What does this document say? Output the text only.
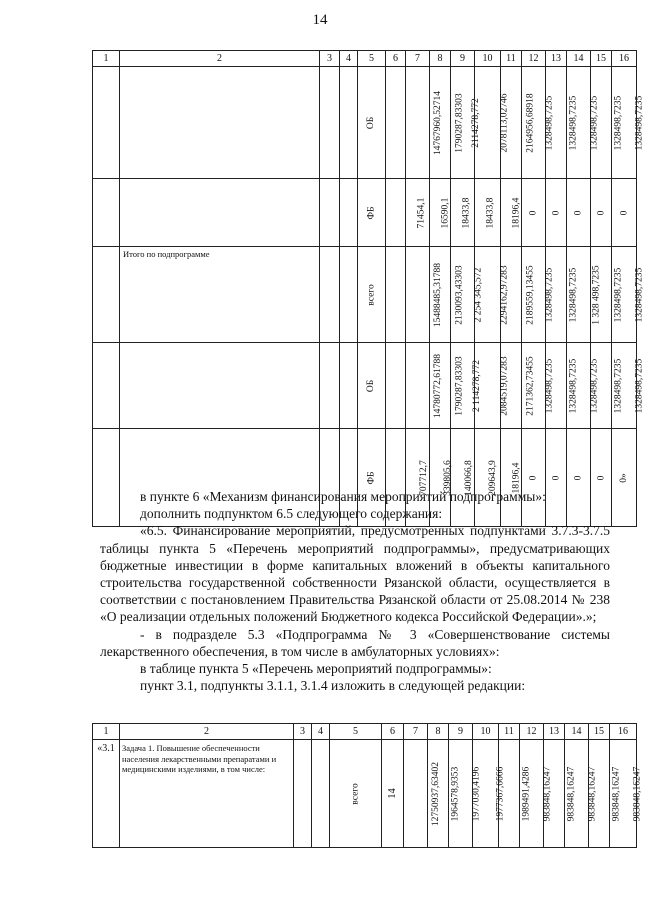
14
1	2	3	4	5	6	7	8	9	10	11	12	13	14	15	16
				ОБ		14767960,52714	1790287,83303	2114278,772	2078113,02746	2164956,68918	1328498,7235	1328498,7235	1328498,7235	1328498,7235	1328498,7235
				ФБ		71454,1	16590,1	18433,8	18433,8	18196,4	0	0	0	0	0
	Итого по подпрограмме			всего		15488485,31788	2130093,43303	2 254 345,572	2294162,97283	2189559,13455	1328498,7235	1328498,7235	1 328 498,7235	1328498,7235	1328498,7235
				ОБ		14780772,61788	1790287,83303	2 114278,772	2084519,07283	2171362,73455	1328498,7235	1328498,7235	1328498,7235	1328498,7235	1328498,7235
				ФБ		707712,7	339805,6	140066,8	209643,9	18196,4	0	0	0	0	0»

в пункте 6 «Механизм финансирования мероприятий подпрограммы»:

дополнить подпунктом 6.5 следующего содержания:

«6.5. Финансирование мероприятий, предусмотренных подпунктами 3.7.3-3.7.5 таблицы пункта 5 «Перечень мероприятий подпрограммы», предусматривающих бюджетные инвестиции в форме капитальных вложений в объекты капитального строительства государственной собственности Рязанской области, осуществляется в соответствии с постановлением Правительства Рязанской области от 25.08.2014 № 238 «О реализации отдельных положений Бюджетного кодекса Российской Федерации».»;

- в подразделе 5.3 «Подпрограмма № 3 «Совершенствование системы лекарственного обеспечения, в том числе в амбулаторных условиях»:

в таблице пункта 5 «Перечень мероприятий подпрограммы»:

пункт 3.1, подпункты 3.1.1, 3.1.4 изложить в следующей редакции:

1	2	3	4	5	6	7	8	9	10	11	12	13	14	15	16
«3.1	Задача 1. Повышение обеспеченности населения лекарственными препаратами и медицинскими изделиями, в том числе:			всего	14	12750937,63402	1964578,9353	1977030,4196	1977367,6666	1989491,4286	983848,16247	983848,16247	983848,16247	983848,16247	983848,16247
